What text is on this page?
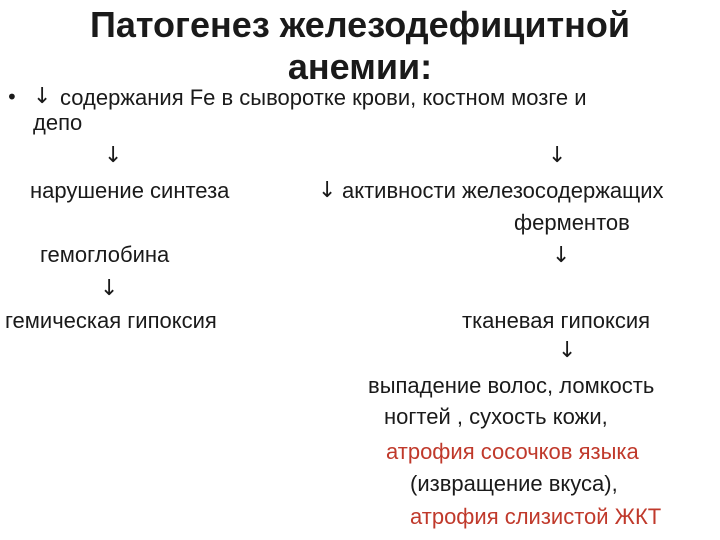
Патогенез железодефицитной
анемии:
• ↓ содержания Fe в сыворотке крови, костном мозге и
депо
↓
нарушение синтеза
гемоглобина
↓
гемическая гипоксия
↓
↓ активности железосодержащих
ферментов
↓
тканевая гипоксия
↓
выпадение волос, ломкость
ногтей , сухость кожи,
атрофия сосочков языка
(извращение вкуса),
атрофия слизистой ЖКТ
